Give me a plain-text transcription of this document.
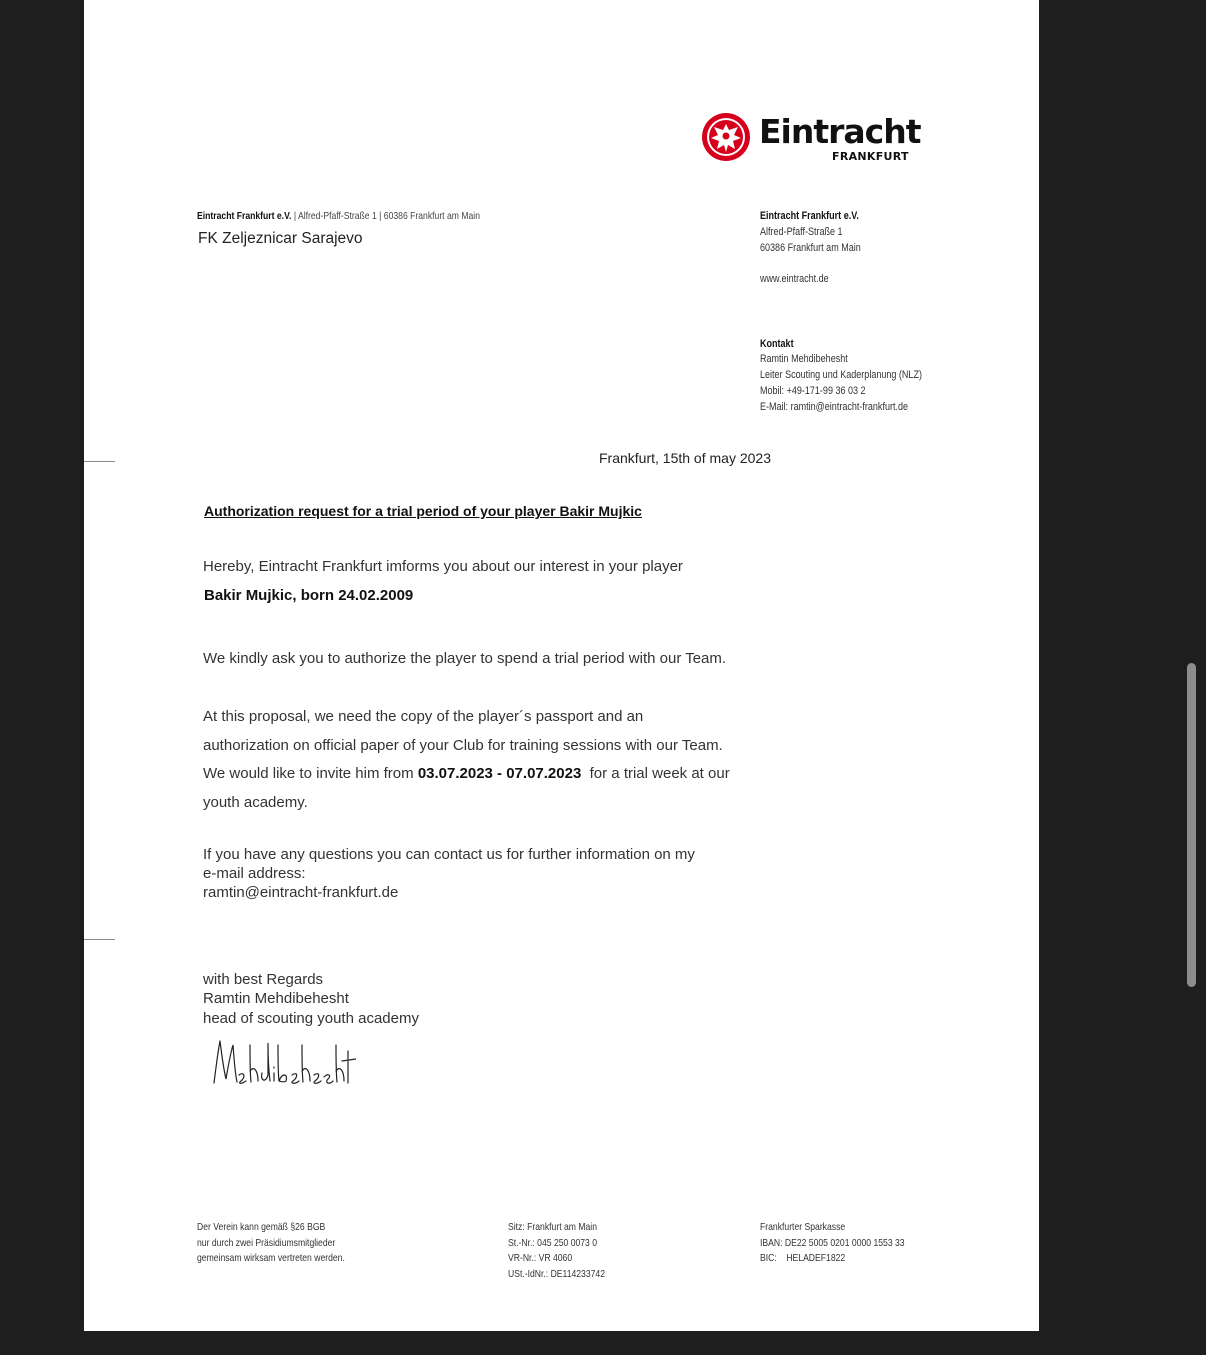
Eintracht
FRANKFURT
Eintracht Frankfurt e.V. | Alfred-Pfaff-Straße 1 | 60386 Frankfurt am Main
FK Zeljeznicar Sarajevo
Eintracht Frankfurt e.V.
Alfred-Pfaff-Straße 1
60386 Frankfurt am Main
www.eintracht.de
Kontakt
Ramtin Mehdibehesht
Leiter Scouting und Kaderplanung (NLZ)
Mobil: +49-171-99 36 03 2
E-Mail: ramtin@eintracht-frankfurt.de
Frankfurt, 15th of may 2023
Authorization request for a trial period of your player Bakir Mujkic
Hereby, Eintracht Frankfurt imforms you about our interest in your player
Bakir Mujkic, born 24.02.2009
We kindly ask you to authorize the player to spend a trial period with our Team.
At this proposal, we need the copy of the player´s passport and an
authorization on official paper of your Club for training sessions with our Team.
We would like to invite him from 03.07.2023 - 07.07.2023  for a trial week at our
youth academy.
If you have any questions you can contact us for further information on my
e-mail address:
ramtin@eintracht-frankfurt.de
with best Regards
Ramtin Mehdibehesht
head of scouting youth academy
Der Verein kann gemäß §26 BGB
nur durch zwei Präsidiumsmitglieder
gemeinsam wirksam vertreten werden.
Sitz: Frankfurt am Main
St.-Nr.: 045 250 0073 0
VR-Nr.: VR 4060
USt.-IdNr.: DE114233742
Frankfurter Sparkasse
IBAN: DE22 5005 0201 0000 1553 33
BIC:    HELADEF1822
